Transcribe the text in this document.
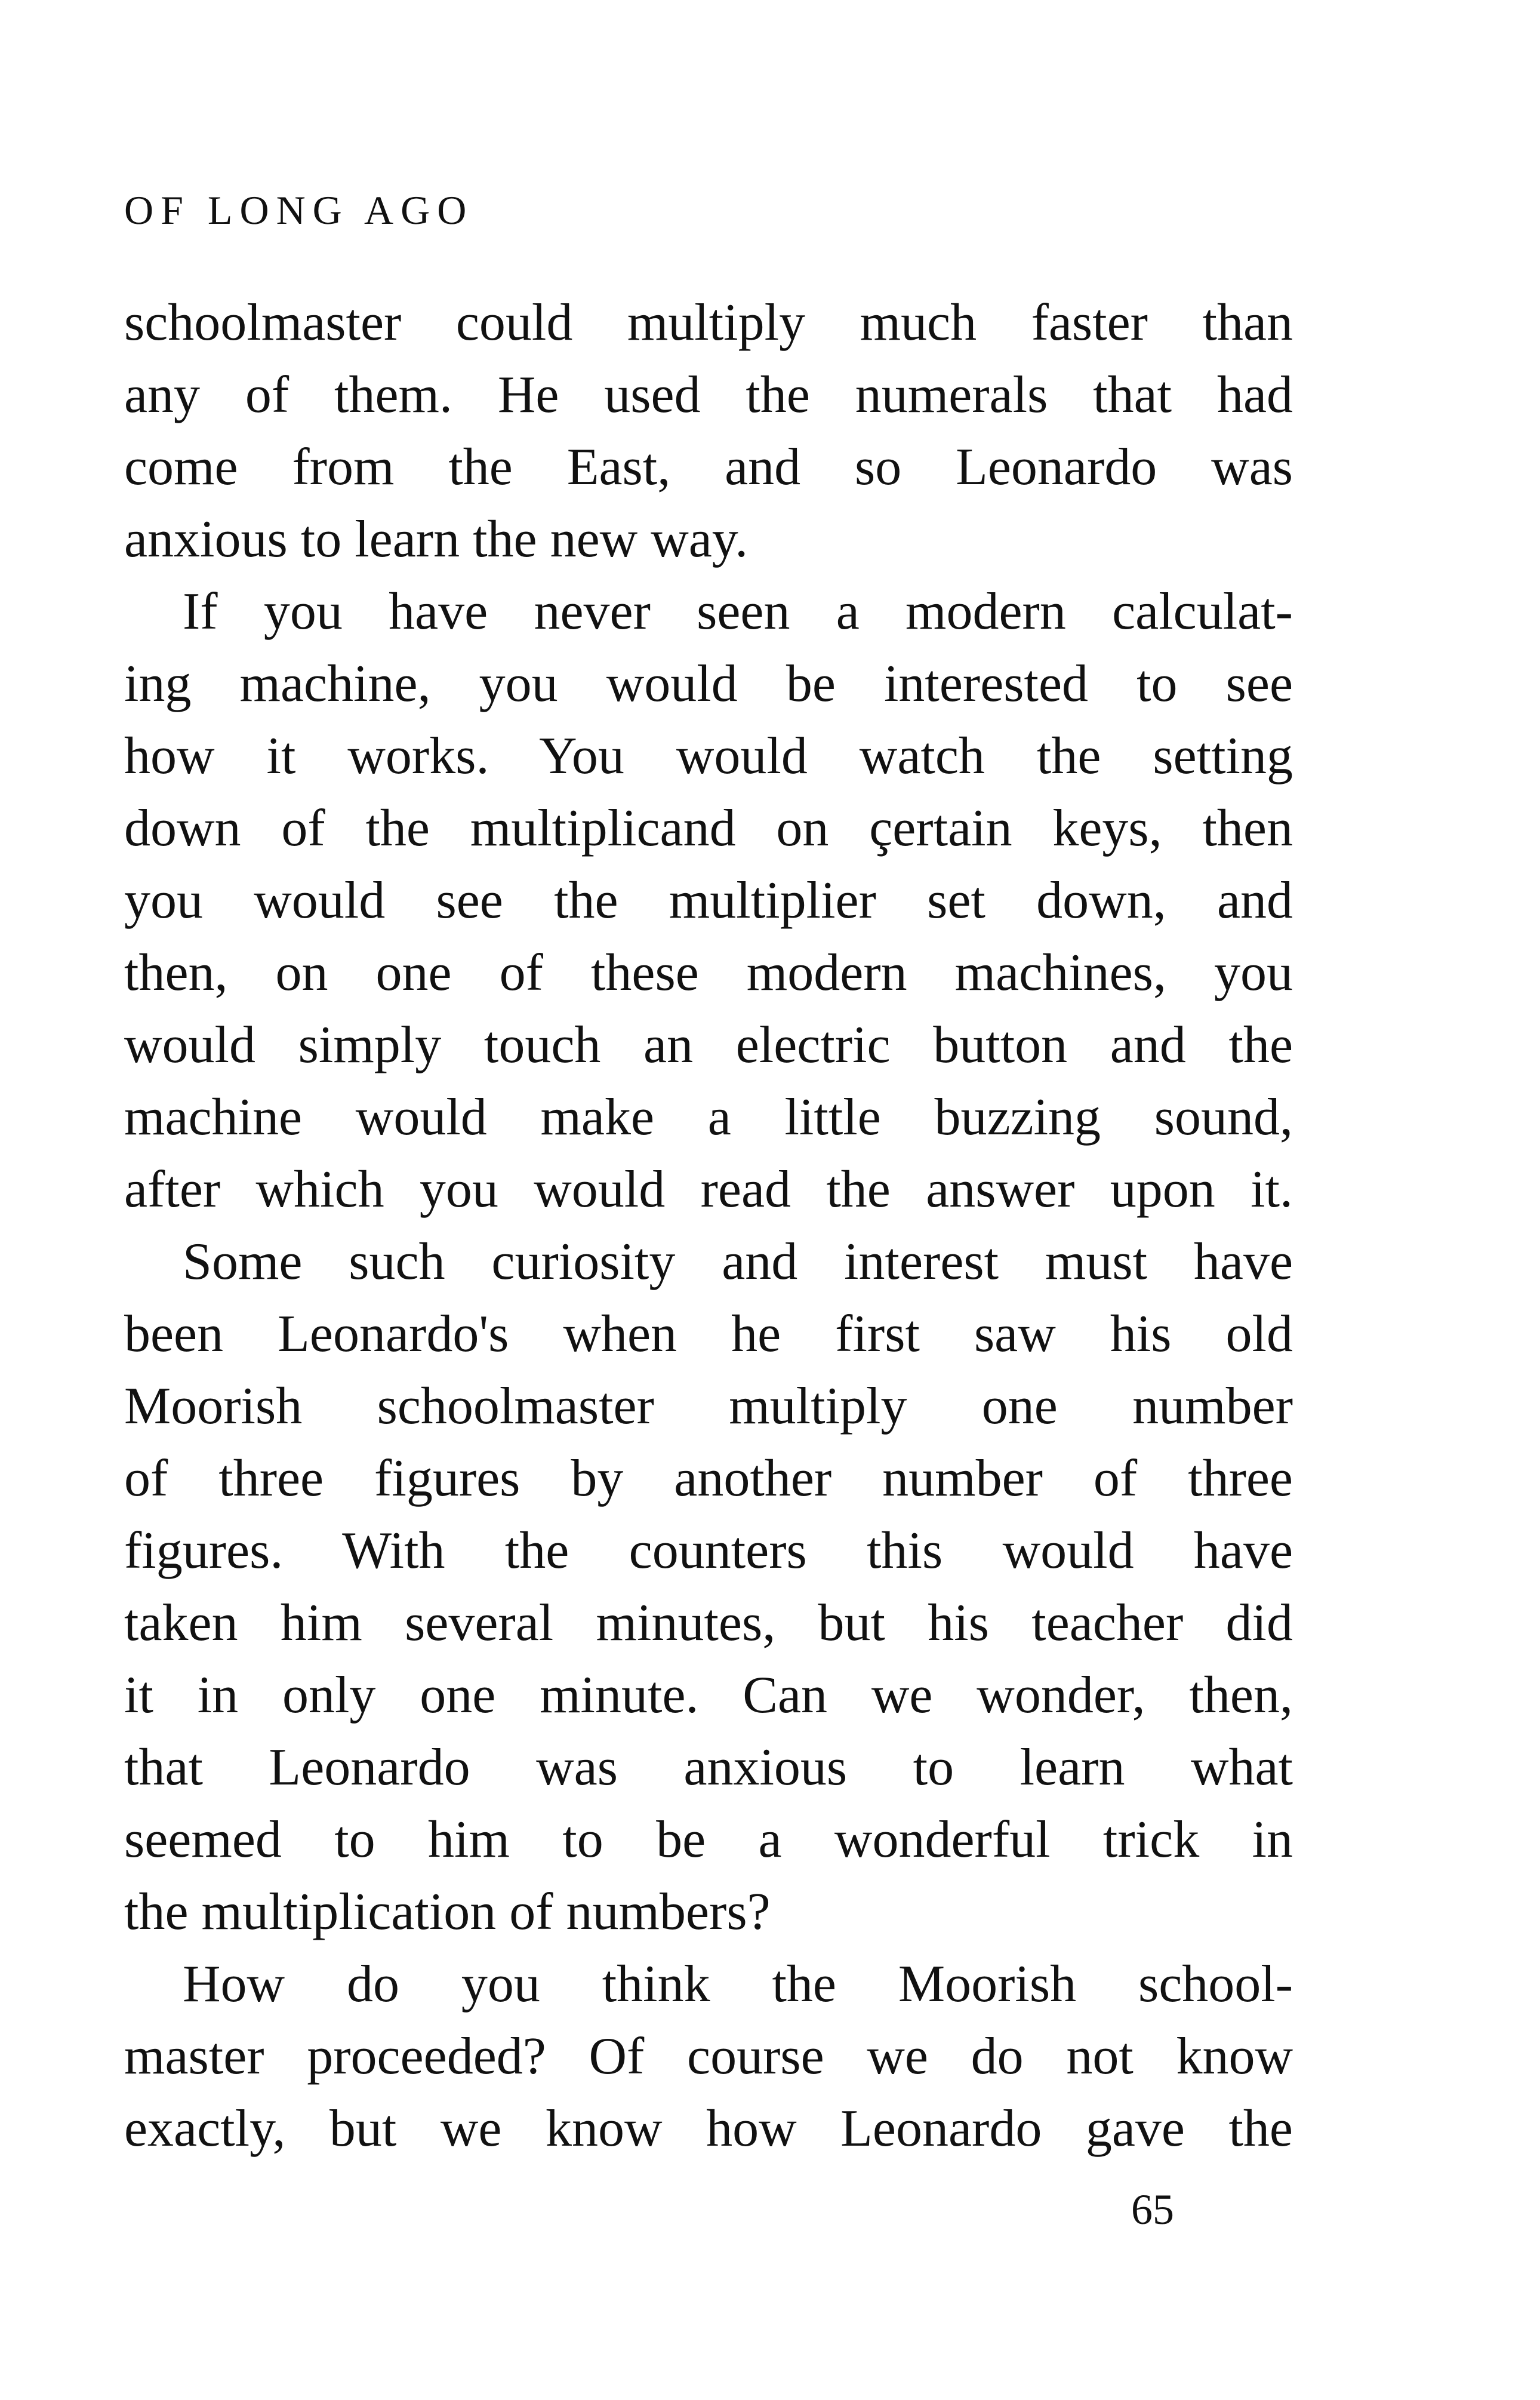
OF LONG AGO
schoolmaster could multiply much faster than
any of them. He used the numerals that had
come from the East, and so Leonardo was
anxious to learn the new way.
If you have never seen a modern calculat-
ing machine, you would be interested to see
how it works. You would watch the setting
down of the multiplicand on çertain keys, then
you would see the multiplier set down, and
then, on one of these modern machines, you
would simply touch an electric button and the
machine would make a little buzzing sound,
after which you would read the answer upon it.
Some such curiosity and interest must have
been Leonardo's when he first saw his old
Moorish schoolmaster multiply one number
of three figures by another number of three
figures. With the counters this would have
taken him several minutes, but his teacher did
it in only one minute. Can we wonder, then,
that Leonardo was anxious to learn what
seemed to him to be a wonderful trick in
the multiplication of numbers?
How do you think the Moorish school-
master proceeded? Of course we do not know
exactly, but we know how Leonardo gave the
65
